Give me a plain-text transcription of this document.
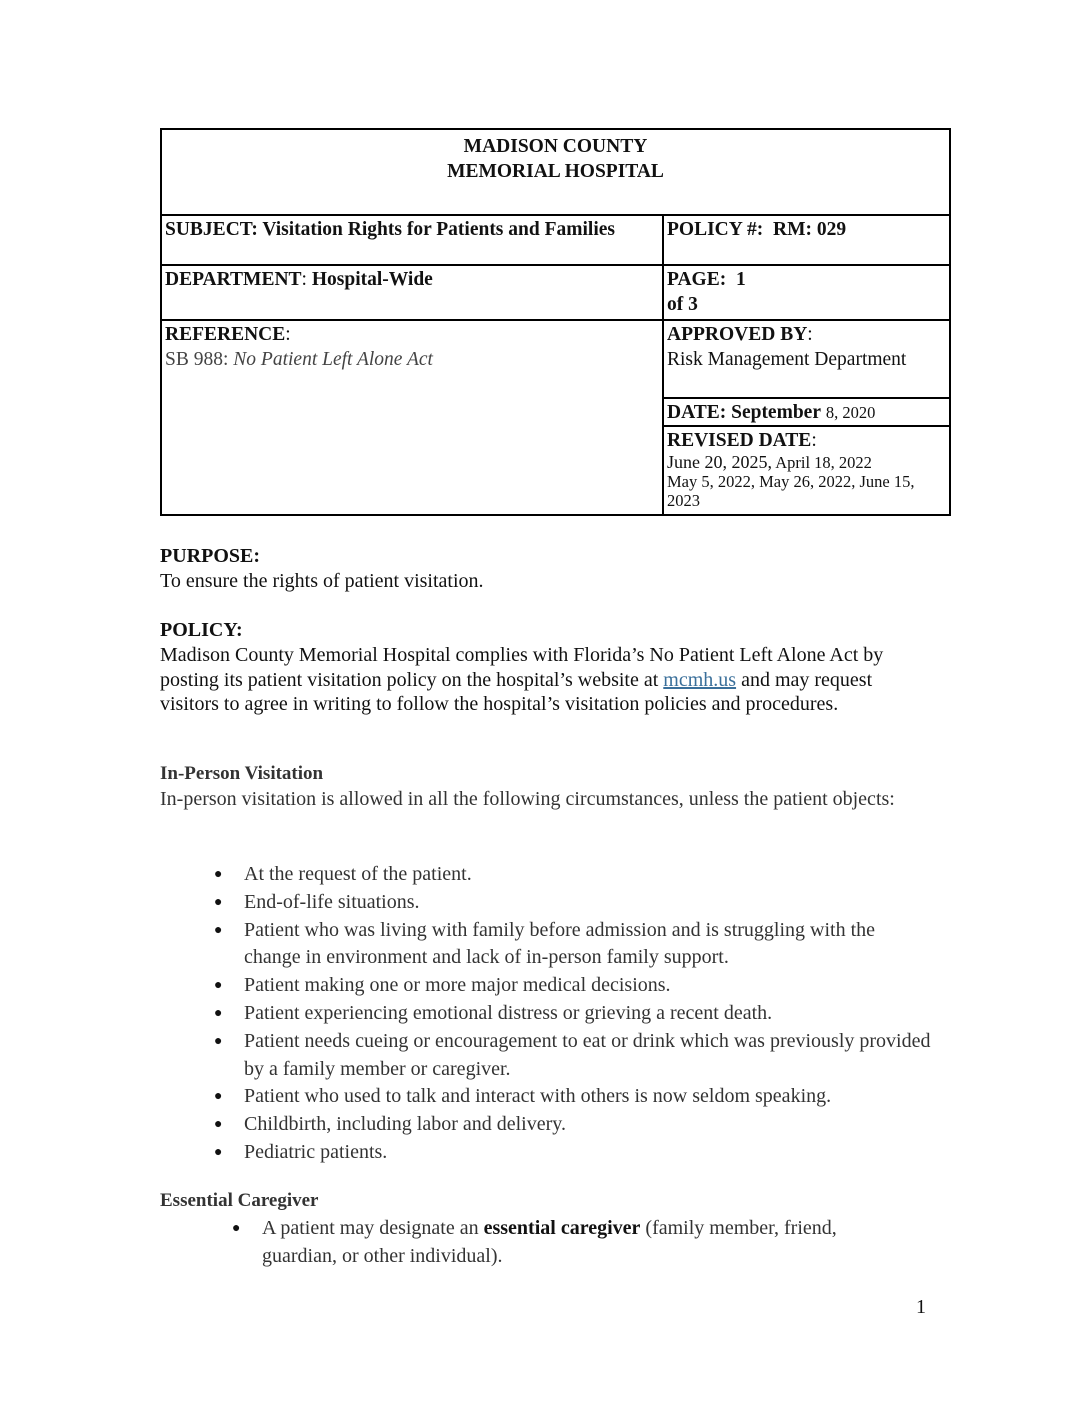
MADISON COUNTY
MEMORIAL HOSPITAL	

SUBJECT: Visitation Rights for Patients and Families	POLICY #: RM: 029
DEPARTMENT: Hospital-Wide	PAGE: 1
of 3
REFERENCE:
SB 988: No Patient Left Alone Act	APPROVED BY:
Risk Management Department
	DATE: September 8, 2020
	REVISED DATE:

June 20, 2025, April 18, 2022
May 5, 2022, May 26, 2022, June 15, 2023
PURPOSE:
To ensure the rights of patient visitation.
POLICY:
Madison County Memorial Hospital complies with Florida’s No Patient Left Alone Act by posting its patient visitation policy on the hospital’s website at mcmh.us and may request visitors to agree in writing to follow the hospital’s visitation policies and procedures.
In-Person Visitation
In-person visitation is allowed in all the following circumstances, unless the patient objects:
● At the request of the patient.
● End-of-life situations.
● Patient who was living with family before admission and is struggling with the change in environment and lack of in-person family support.
● Patient making one or more major medical decisions.
● Patient experiencing emotional distress or grieving a recent death.
● Patient needs cueing or encouragement to eat or drink which was previously provided by a family member or caregiver.
● Patient who used to talk and interact with others is now seldom speaking.
● Childbirth, including labor and delivery.
● Pediatric patients.
Essential Caregiver
● A patient may designate an essential caregiver (family member, friend, guardian, or other individual).
1
